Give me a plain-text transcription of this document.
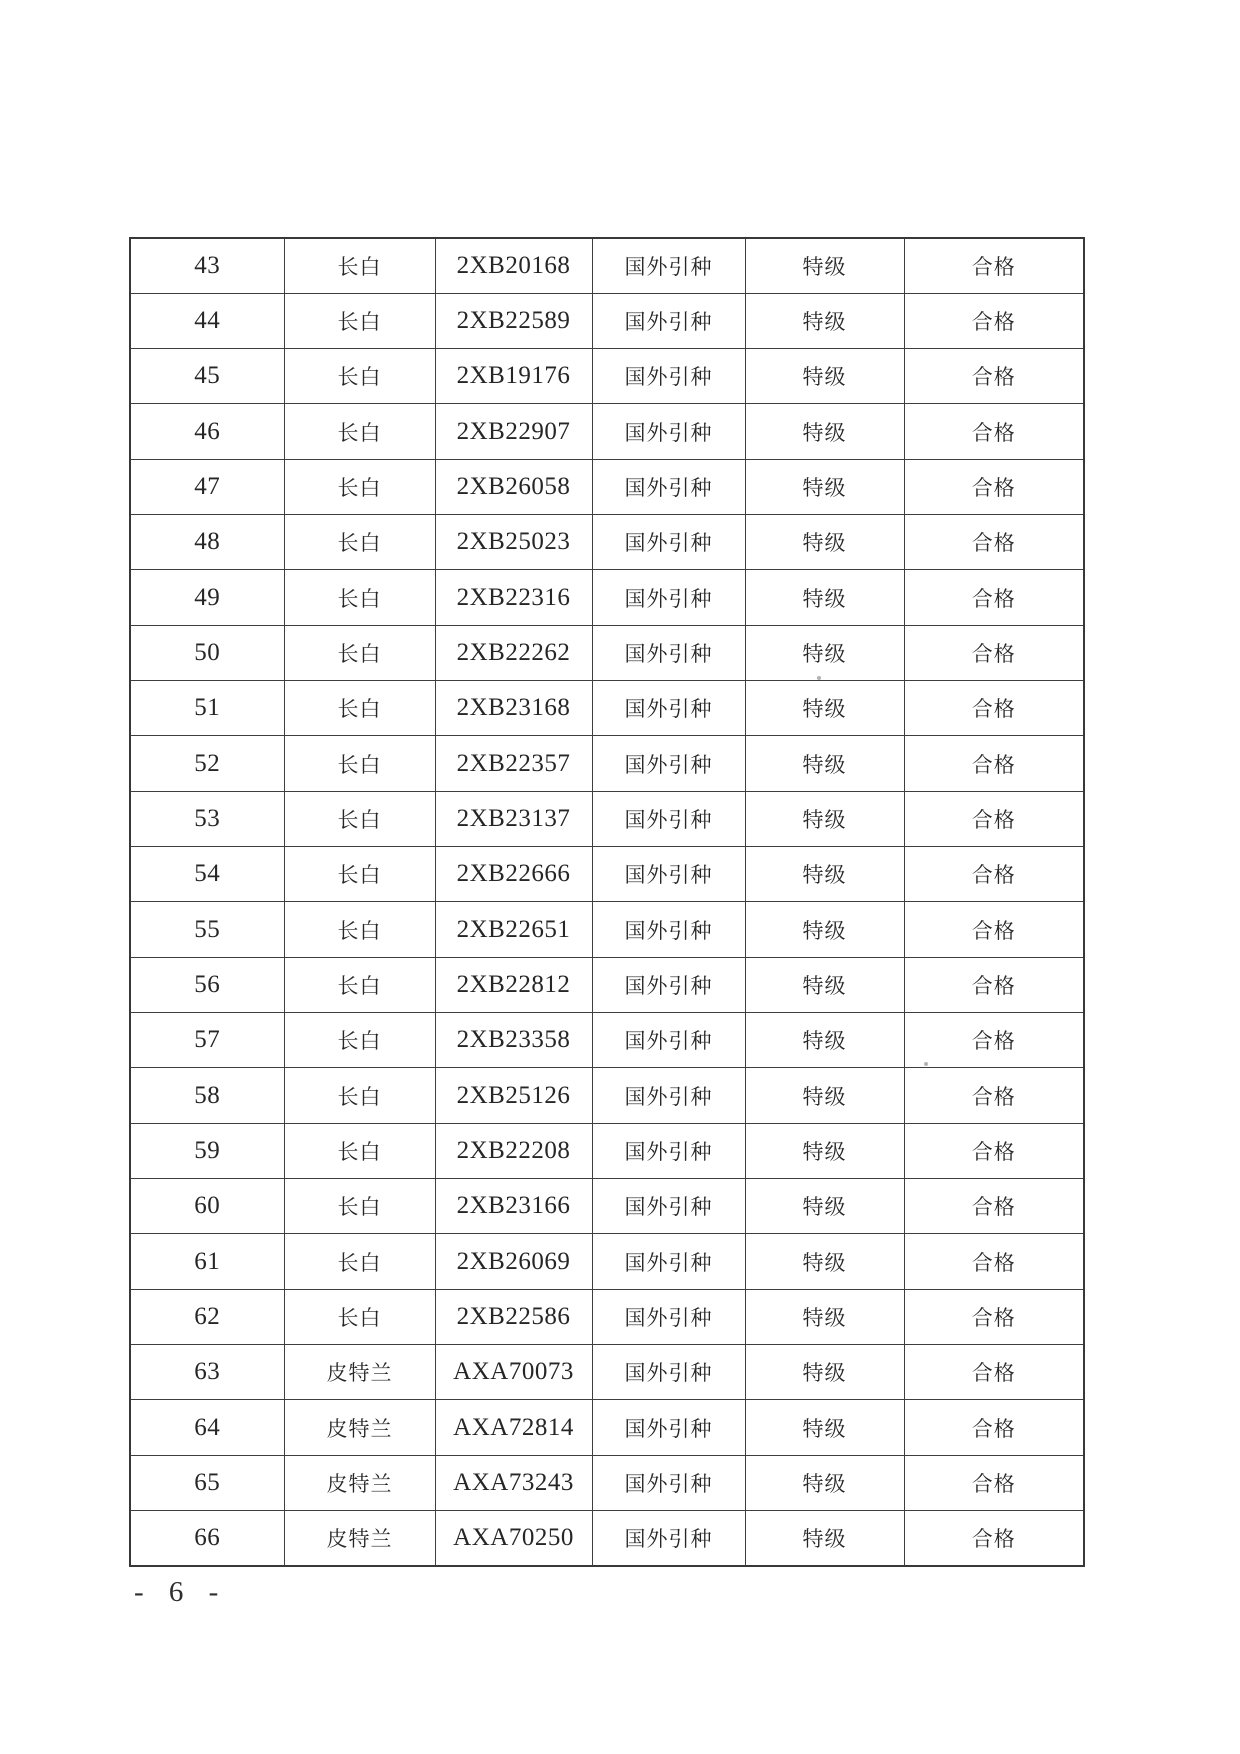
43	长白	2XB20168	国外引种	特级	合格
44	长白	2XB22589	国外引种	特级	合格
45	长白	2XB19176	国外引种	特级	合格
46	长白	2XB22907	国外引种	特级	合格
47	长白	2XB26058	国外引种	特级	合格
48	长白	2XB25023	国外引种	特级	合格
49	长白	2XB22316	国外引种	特级	合格
50	长白	2XB22262	国外引种	特级	合格
51	长白	2XB23168	国外引种	特级	合格
52	长白	2XB22357	国外引种	特级	合格
53	长白	2XB23137	国外引种	特级	合格
54	长白	2XB22666	国外引种	特级	合格
55	长白	2XB22651	国外引种	特级	合格
56	长白	2XB22812	国外引种	特级	合格
57	长白	2XB23358	国外引种	特级	合格
58	长白	2XB25126	国外引种	特级	合格
59	长白	2XB22208	国外引种	特级	合格
60	长白	2XB23166	国外引种	特级	合格
61	长白	2XB26069	国外引种	特级	合格
62	长白	2XB22586	国外引种	特级	合格
63	皮特兰	AXA70073	国外引种	特级	合格
64	皮特兰	AXA72814	国外引种	特级	合格
65	皮特兰	AXA73243	国外引种	特级	合格
66	皮特兰	AXA70250	国外引种	特级	合格
- 6 -
